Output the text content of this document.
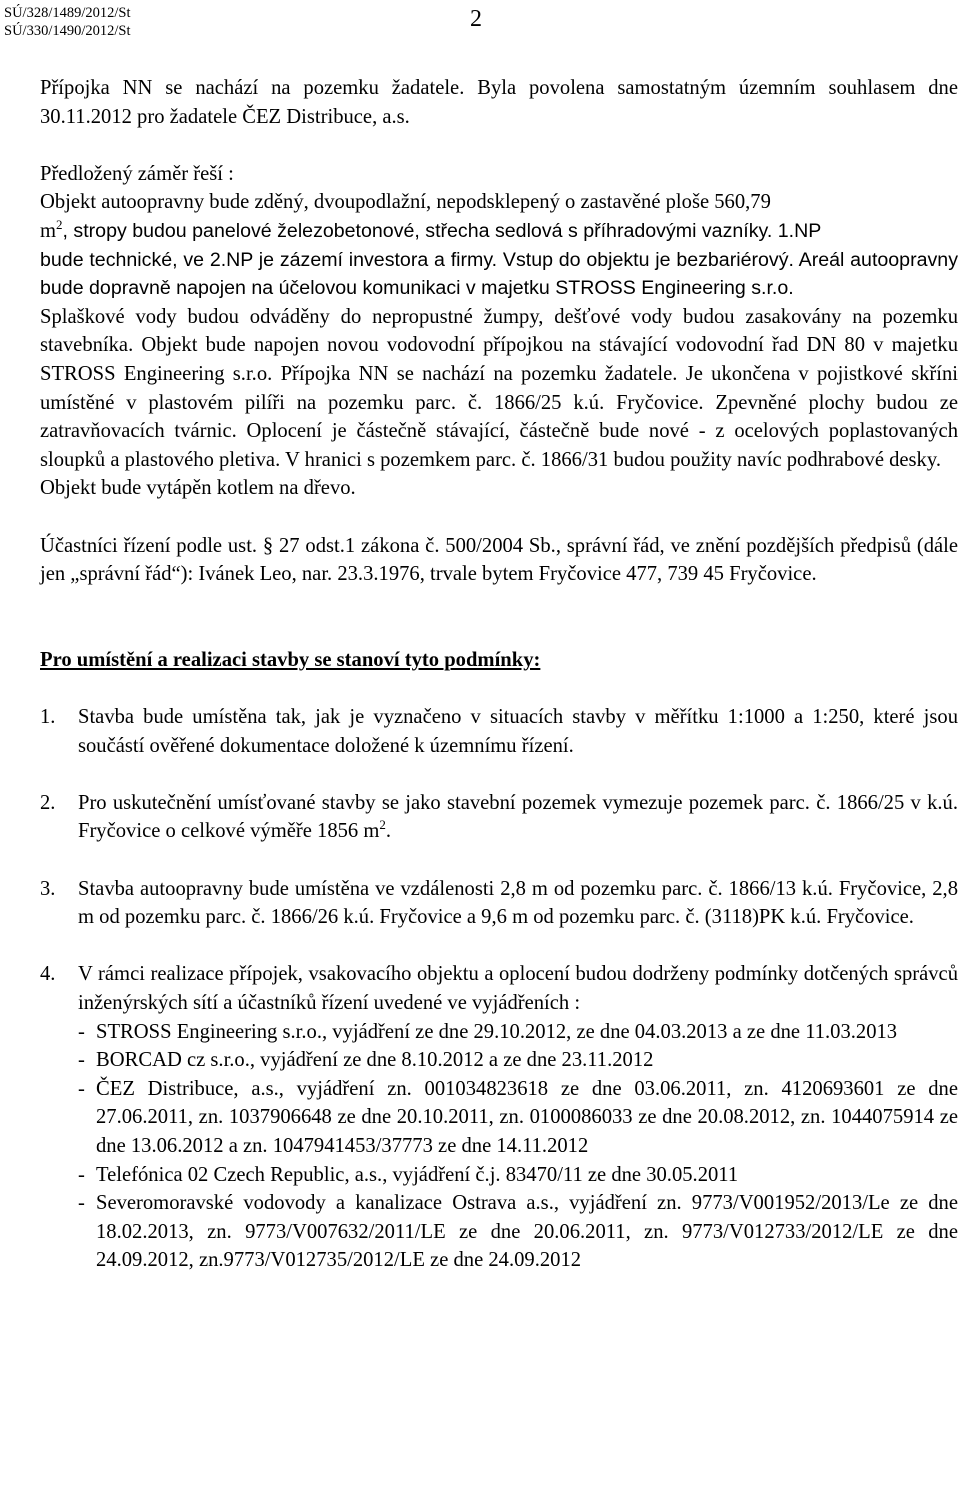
SÚ/328/1489/2012/St
SÚ/330/1490/2012/St	2

Přípojka NN se nachází na pozemku žadatele. Byla povolena samostatným územním souhlasem dne 30.11.2012 pro žadatele ČEZ Distribuce, a.s.

Předložený záměr řeší :

Objekt autoopravny bude zděný, dvoupodlažní, nepodsklepený o zastavěné ploše 560,79

$m^2$, stropy budou panelové železobetonové, střecha sedlová s příhradovými vazníky. 1.NP

bude technické, ve 2.NP je zázemí investora a firmy. Vstup do objektu je bezbariérový. Areál autoopravny bude dopravně napojen na účelovou komunikaci v majetku STROSS Engineering s.r.o.

Splaškové vody budou odváděny do nepropustné žumpy, dešťové vody budou zasakovány na pozemku stavebníka. Objekt bude napojen novou vodovodní přípojkou na stávající vodovodní řad DN 80 v majetku STROSS Engineering s.r.o. Přípojka NN se nachází na pozemku žadatele. Je ukončena v pojistkové skříni umístěné v plastovém pilíři na pozemku parc. č. 1866/25 k.ú. Fryčovice. Zpevněné plochy budou ze zatravňovacích tvárnic. Oplocení je částečně stávající, částečně bude nové - z ocelových poplastovaných sloupků a plastového pletiva. V hranici s pozemkem parc. č. 1866/31 budou použity navíc podhrabové desky.

Objekt bude vytápěn kotlem na dřevo.

Účastníci řízení podle ust. § 27 odst.1 zákona č. 500/2004 Sb., správní řád, ve znění pozdějších předpisů (dále jen „správní řád“): Ivánek Leo, nar. 23.3.1976, trvale bytem Fryčovice 477, 739 45 Fryčovice.

Pro umístění a realizaci stavby se stanoví tyto podmínky:

1.	Stavba bude umístěna tak, jak je vyznačeno v situacích stavby v měřítku 1:1000 a 1:250, které jsou součástí ověřené dokumentace doložené k územnímu řízení.
2.	Pro uskutečnění umísťované stavby se jako stavební pozemek vymezuje pozemek parc. č. 1866/25 v k.ú. Fryčovice o celkové výměře 1856 $m^2$.
3.	Stavba autoopravny bude umístěna ve vzdálenosti 2,8 m od pozemku parc. č. 1866/13 k.ú. Fryčovice, 2,8 m od pozemku parc. č. 1866/26 k.ú. Fryčovice a 9,6 m od pozemku parc. č. (3118)PK k.ú. Fryčovice.
4.	V rámci realizace přípojek, vsakovacího objektu a oplocení budou dodrženy podmínky dotčených správců inženýrských sítí a účastníků řízení uvedené ve vyjádřeních :
- STROSS Engineering s.r.o., vyjádření ze dne 29.10.2012, ze dne 04.03.2013 a ze dne 11.03.2013
- BORCAD cz s.r.o., vyjádření ze dne 8.10.2012 a ze dne 23.11.2012
- ČEZ Distribuce, a.s., vyjádření zn. 001034823618 ze dne 03.06.2011, zn. 4120693601 ze dne 27.06.2011, zn. 1037906648 ze dne 20.10.2011, zn. 0100086033 ze dne 20.08.2012, zn. 1044075914 ze dne 13.06.2012 a zn. 1047941453/37773 ze dne 14.11.2012
- Telefónica 02 Czech Republic, a.s., vyjádření č.j. 83470/11 ze dne 30.05.2011
- Severomoravské vodovody a kanalizace Ostrava a.s., vyjádření zn. 9773/V001952/2013/Le ze dne 18.02.2013, zn. 9773/V007632/2011/LE ze dne 20.06.2011, zn. 9773/V012733/2012/LE ze dne 24.09.2012, zn.9773/V012735/2012/LE ze dne 24.09.2012
